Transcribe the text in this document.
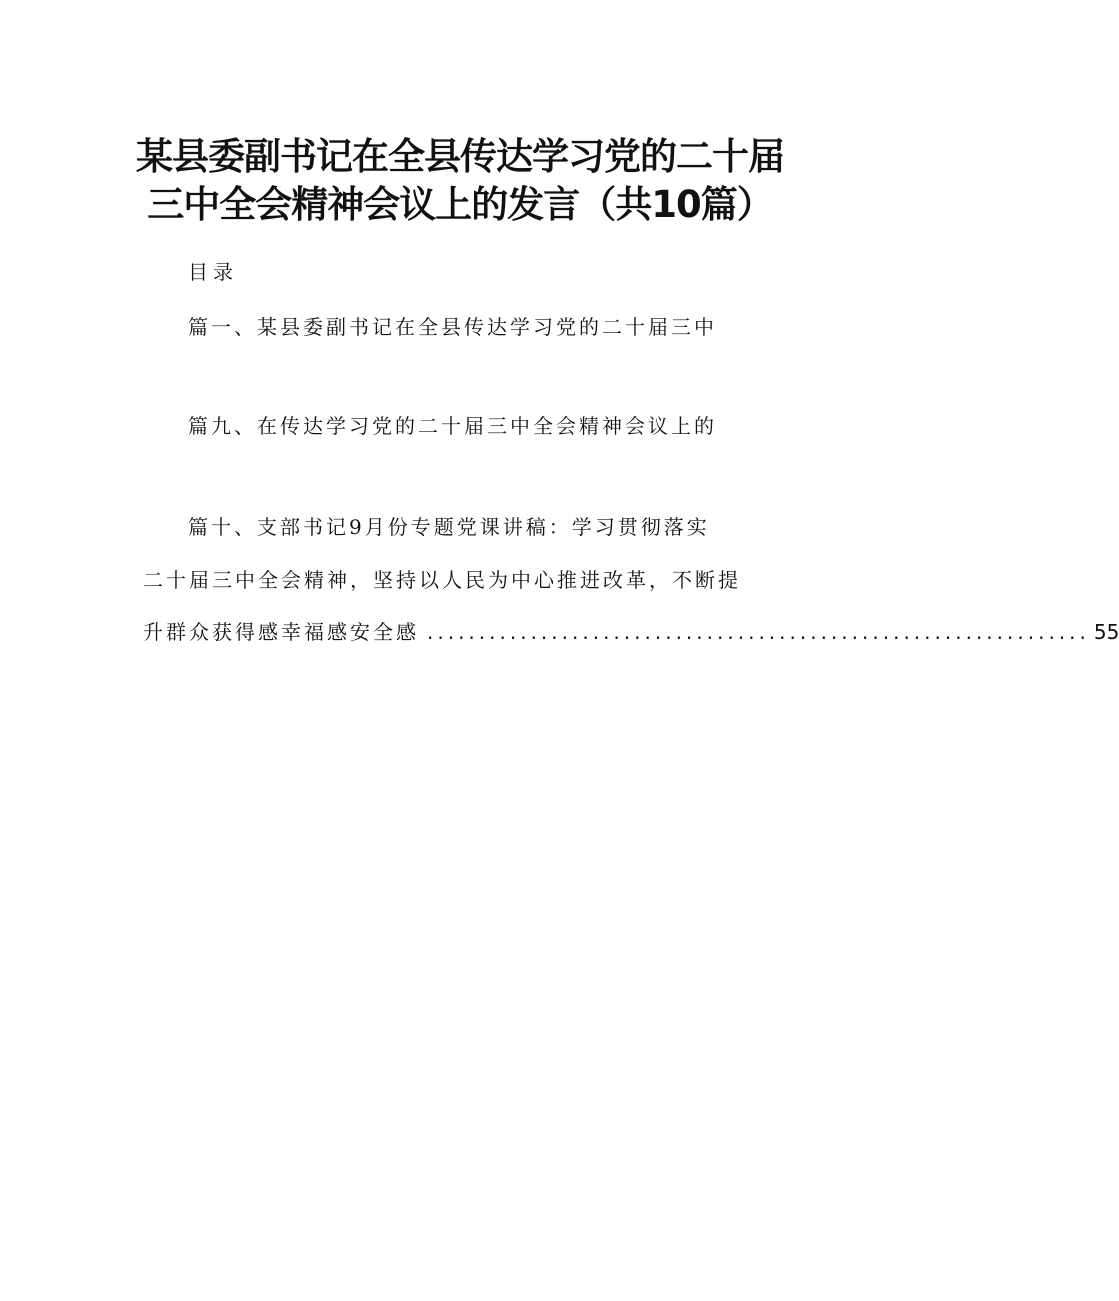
某县委副书记在全县传达学习党的二十届
三中全会精神会议上的发言（共10篇）
目录
篇一、某县委副书记在全县传达学习党的二十届三中
篇九、在传达学习党的二十届三中全会精神会议上的
篇十、支部书记9月份专题党课讲稿：学习贯彻落实
二十届三中全会精神，坚持以人民为中心推进改革，不断提
升群众获得感幸福感安全感 ................................................................ 55
